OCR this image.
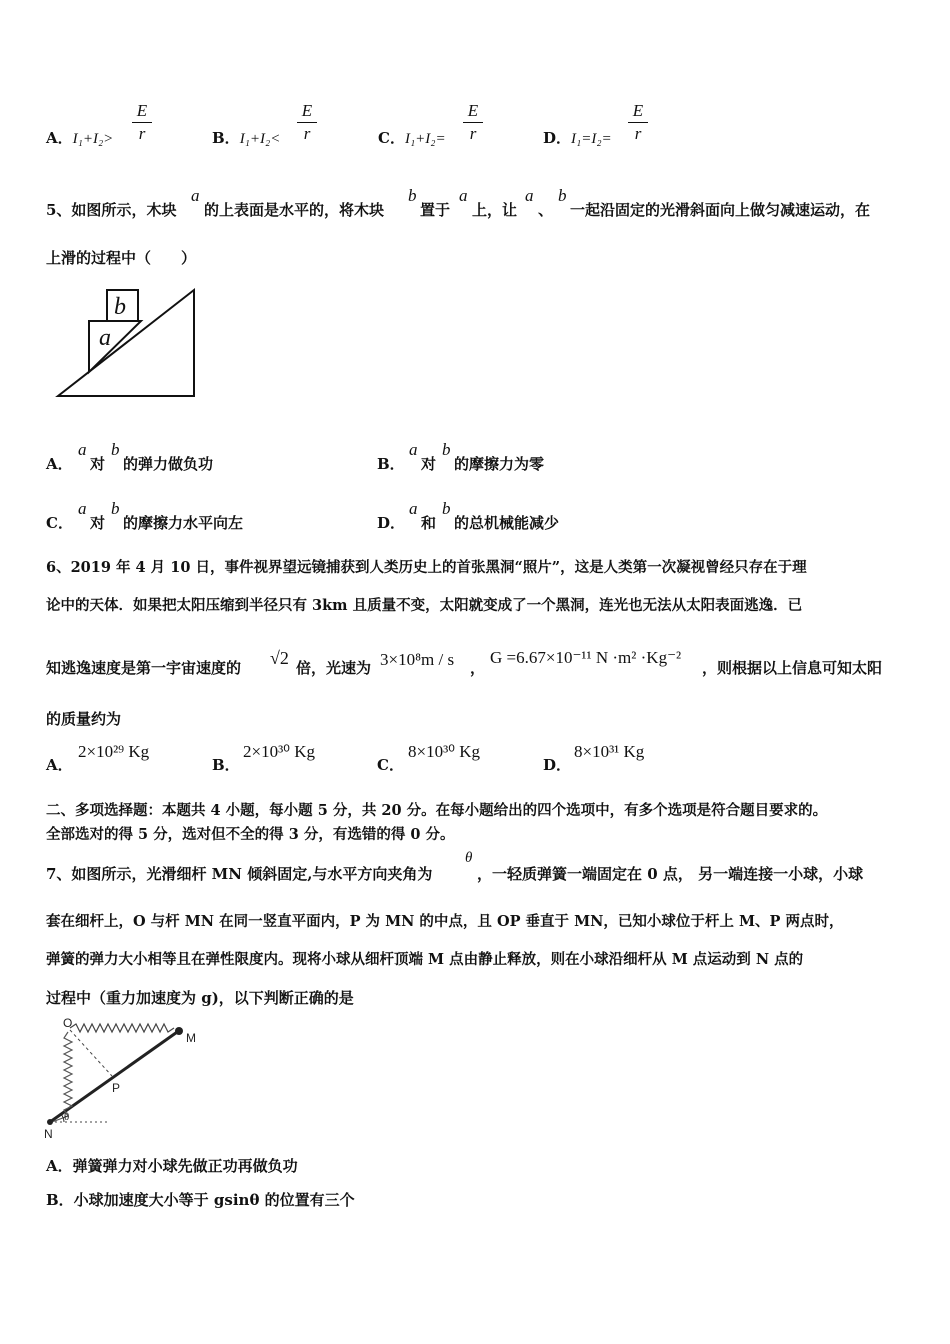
A．$I_1+I_2> \frac{E}{r}$	B．$I_1+I_2< \frac{E}{r}$	C．$I_1+I_2= \frac{E}{r}$	D．$I_1=I_2= \frac{E}{r}$
5、如图所示，木块
a
的上表面是水平的，将木块
b
置于
a
上，让
a
、
b
一起沿固定的光滑斜面向上做匀减速运动，在
上滑的过程中（　　）
b
a
A．
a
对
b
的弹力做负功	B．
a
对
b
的摩擦力为零
C．
a
对
b
的摩擦力水平向左	D．
a
和
b
的总机械能减少
6、2019 年 4 月 10 日，事件视界望远镜捕获到人类历史上的首张黑洞“照片”，这是人类第一次凝视曾经只存在于理
论中的天体．如果把太阳压缩到半径只有 3km 且质量不变，太阳就变成了一个黑洞，连光也无法从太阳表面逃逸．已
知逃逸速度是第一宇宙速度的 √2 倍，光速为 3×10⁸m / s ，
G =6.67×10⁻¹¹ N ·m² ·Kg⁻²
，则根据以上信息可知太阳
的质量约为
A．
2×10²⁹ Kg
B．
2×10³⁰ Kg
C．
8×10³⁰ Kg
D．
8×10³¹ Kg
二、多项选择题：本题共 4 小题，每小题 5 分，共 20 分。在每小题给出的四个选项中，有多个选项是符合题目要求的。
全部选对的得 5 分，选对但不全的得 3 分，有选错的得 0 分。
7、如图所示，光滑细杆 MN 倾斜固定,与水平方向夹角为
θ
，一轻质弹簧一端固定在 0 点， 另一端连接一小球，小球
套在细杆上，O 与杆 MN 在同一竖直平面内，P 为 MN 的中点，且 OP 垂直于 MN，已知小球位于杆上 M、P 两点时，
弹簧的弹力大小相等且在弹性限度内。现将小球从细杆顶端 M 点由静止释放，则在小球沿细杆从 M 点运动到 N 点的
过程中（重力加速度为 g)，以下判断正确的是
O
M
P
N
θ
A．弹簧弹力对小球先做正功再做负功
B．小球加速度大小等于 gsinθ 的位置有三个
